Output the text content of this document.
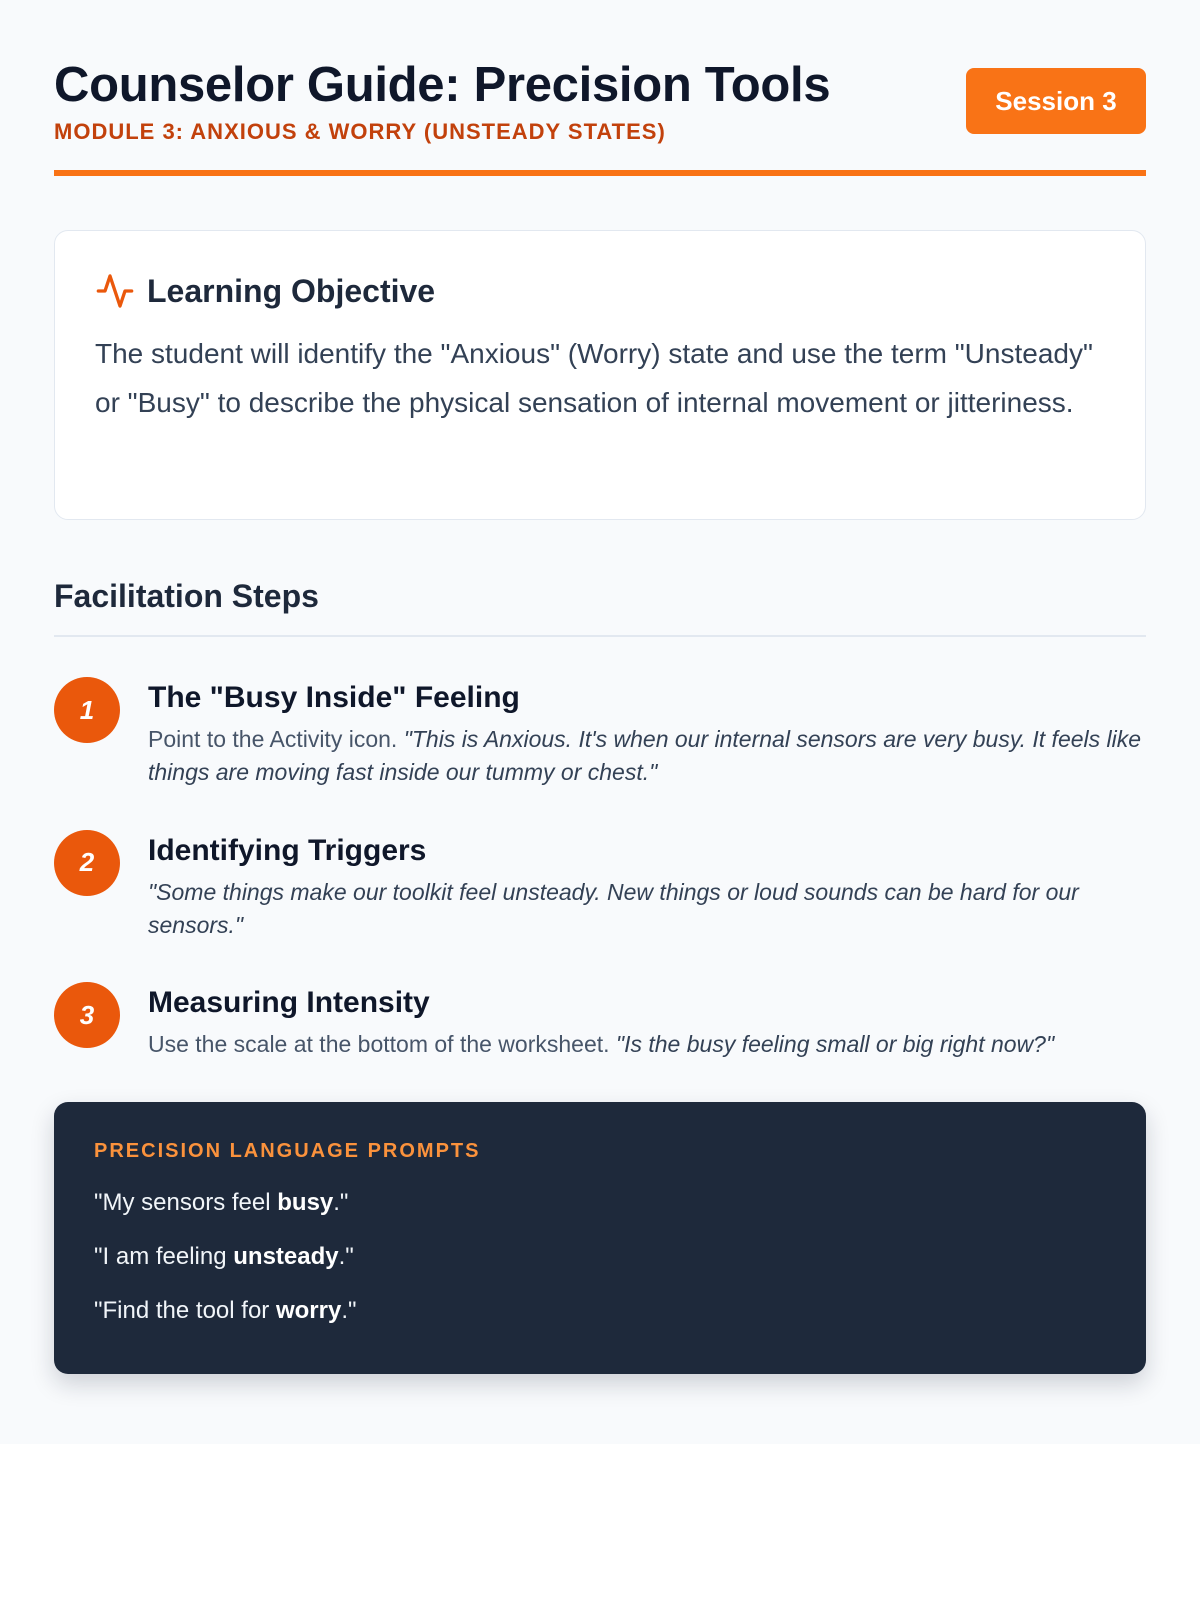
Counselor Guide: Precision Tools
MODULE 3: ANXIOUS & WORRY (UNSTEADY STATES)
Session 3
Learning Objective
The student will identify the "Anxious" (Worry) state and use the term "Unsteady" or "Busy" to describe the physical sensation of internal movement or jitteriness.
Facilitation Steps
1	The "Busy Inside" Feeling
Point to the Activity icon. "This is Anxious. It's when our internal sensors are very busy. It feels like things are moving fast inside our tummy or chest."
2	Identifying Triggers
"Some things make our toolkit feel unsteady. New things or loud sounds can be hard for our sensors."
3	Measuring Intensity
Use the scale at the bottom of the worksheet. "Is the busy feeling small or big right now?"
PRECISION LANGUAGE PROMPTS
"My sensors feel busy."
"I am feeling unsteady."
"Find the tool for worry."
